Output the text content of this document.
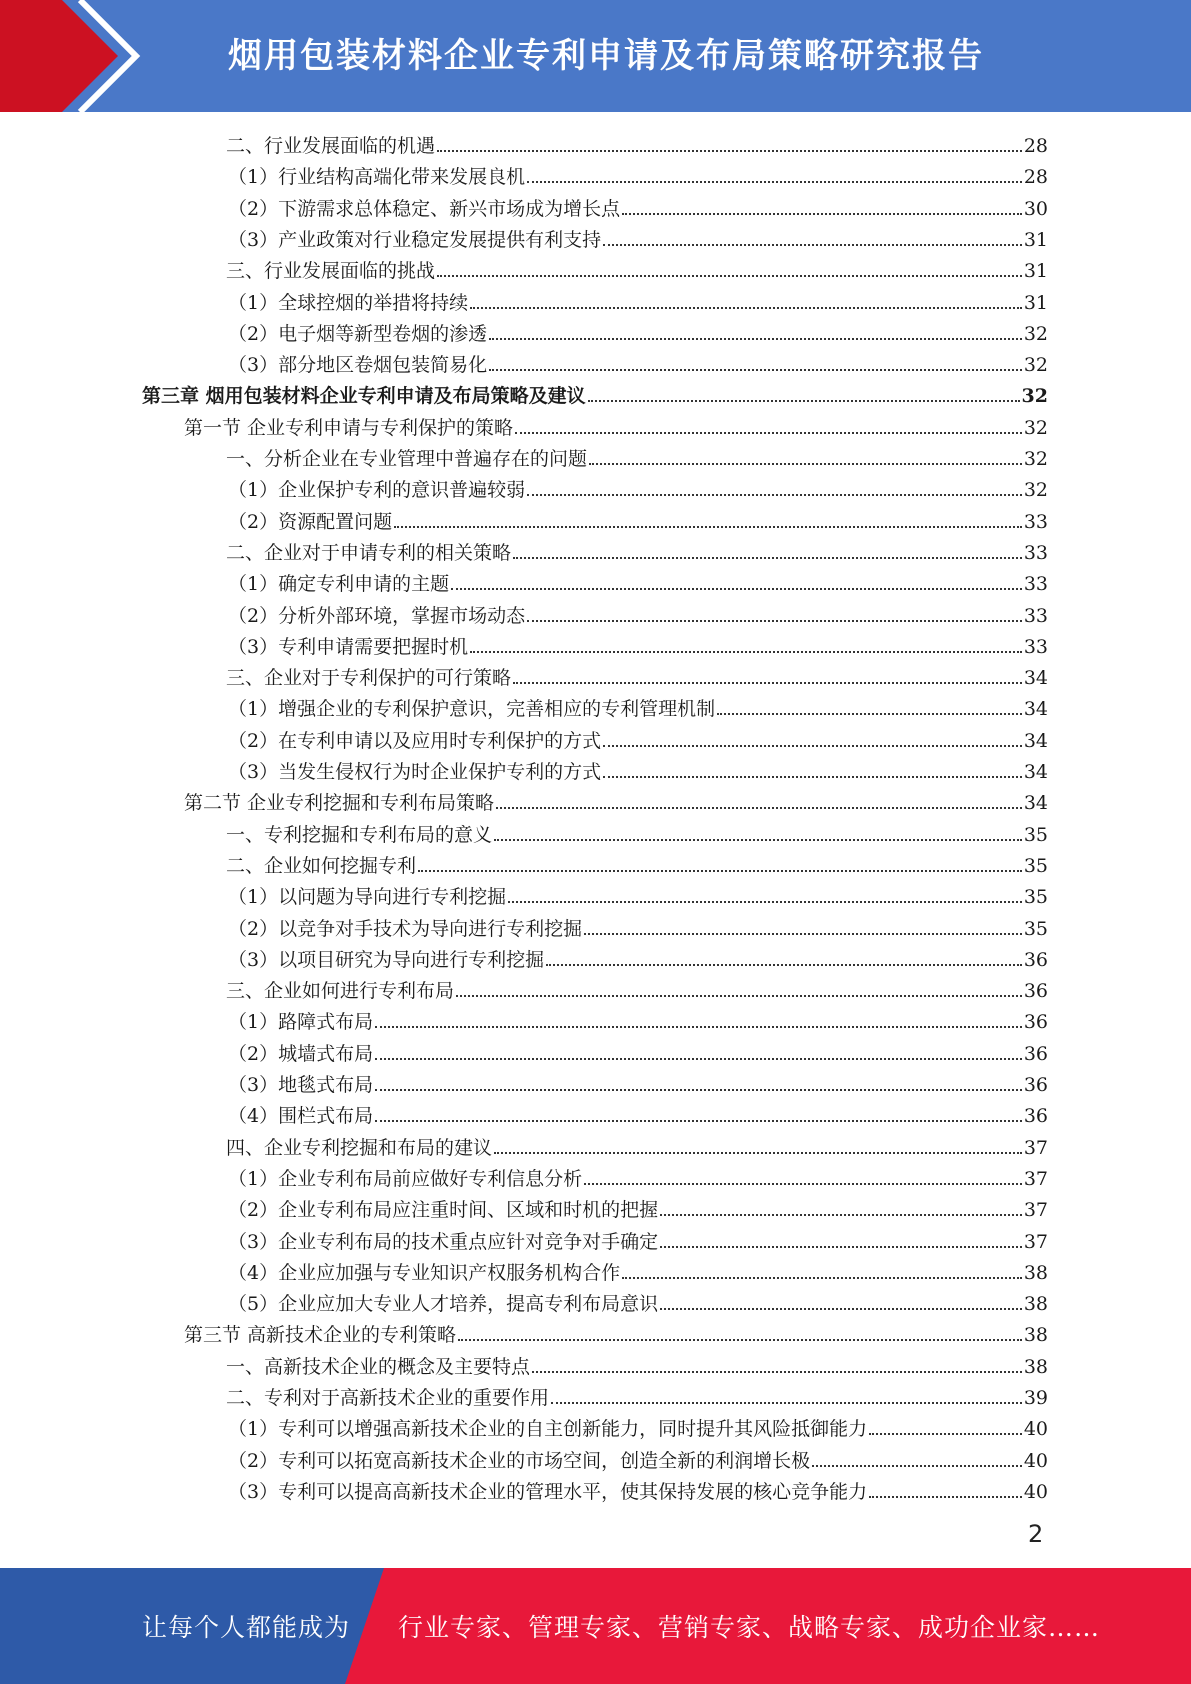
烟用包装材料企业专利申请及布局策略研究报告
二、行业发展面临的机遇	28
（1）行业结构高端化带来发展良机	28
（2）下游需求总体稳定、新兴市场成为增长点	30
（3）产业政策对行业稳定发展提供有利支持	31
三、行业发展面临的挑战	31
（1）全球控烟的举措将持续	31
（2）电子烟等新型卷烟的渗透	32
（3）部分地区卷烟包装简易化	32
第三章 烟用包装材料企业专利申请及布局策略及建议	32
第一节 企业专利申请与专利保护的策略	32
一、分析企业在专业管理中普遍存在的问题	32
（1）企业保护专利的意识普遍较弱	32
（2）资源配置问题	33
二、企业对于申请专利的相关策略	33
（1）确定专利申请的主题	33
（2）分析外部环境，掌握市场动态	33
（3）专利申请需要把握时机	33
三、企业对于专利保护的可行策略	34
（1）增强企业的专利保护意识，完善相应的专利管理机制	34
（2）在专利申请以及应用时专利保护的方式	34
（3）当发生侵权行为时企业保护专利的方式	34
第二节 企业专利挖掘和专利布局策略	34
一、专利挖掘和专利布局的意义	35
二、企业如何挖掘专利	35
（1）以问题为导向进行专利挖掘	35
（2）以竞争对手技术为导向进行专利挖掘	35
（3）以项目研究为导向进行专利挖掘	36
三、企业如何进行专利布局	36
（1）路障式布局	36
（2）城墙式布局	36
（3）地毯式布局	36
（4）围栏式布局	36
四、企业专利挖掘和布局的建议	37
（1）企业专利布局前应做好专利信息分析	37
（2）企业专利布局应注重时间、区域和时机的把握	37
（3）企业专利布局的技术重点应针对竞争对手确定	37
（4）企业应加强与专业知识产权服务机构合作	38
（5）企业应加大专业人才培养，提高专利布局意识	38
第三节 高新技术企业的专利策略	38
一、高新技术企业的概念及主要特点	38
二、专利对于高新技术企业的重要作用	39
（1）专利可以增强高新技术企业的自主创新能力，同时提升其风险抵御能力	40
（2）专利可以拓宽高新技术企业的市场空间，创造全新的利润增长极	40
（3）专利可以提高高新技术企业的管理水平，使其保持发展的核心竞争能力	40
2
让每个人都能成为 行业专家、管理专家、营销专家、战略专家、成功企业家……
